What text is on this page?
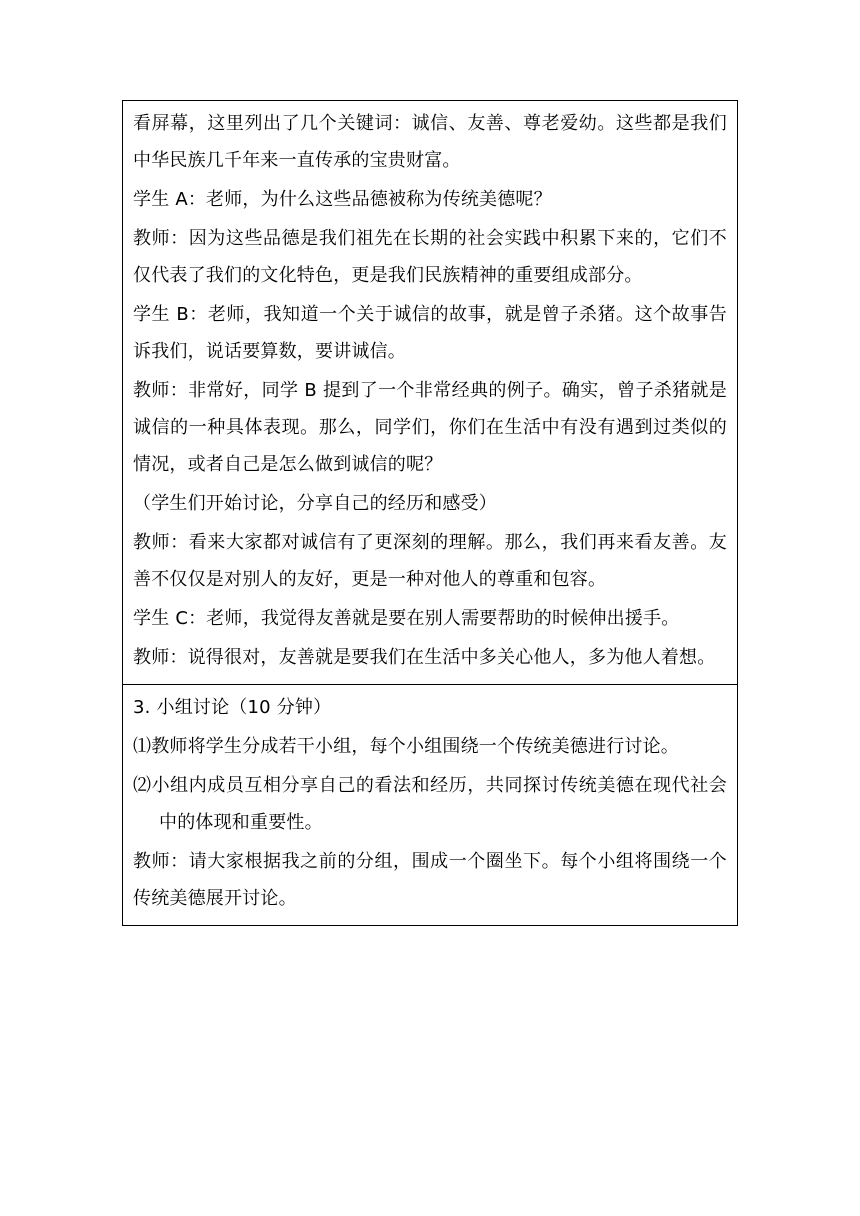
看屏幕，这里列出了几个关键词：诚信、友善、尊老爱幼。这些都是我们中华民族几千年来一直传承的宝贵财富。

学生 A：老师，为什么这些品德被称为传统美德呢？

教师：因为这些品德是我们祖先在长期的社会实践中积累下来的，它们不仅代表了我们的文化特色，更是我们民族精神的重要组成部分。

学生 B：老师，我知道一个关于诚信的故事，就是曾子杀猪。这个故事告诉我们，说话要算数，要讲诚信。

教师：非常好，同学 B 提到了一个非常经典的例子。确实，曾子杀猪就是诚信的一种具体表现。那么，同学们，你们在生活中有没有遇到过类似的情况，或者自己是怎么做到诚信的呢？

（学生们开始讨论，分享自己的经历和感受）

教师：看来大家都对诚信有了更深刻的理解。那么，我们再来看友善。友善不仅仅是对别人的友好，更是一种对他人的尊重和包容。

学生 C：老师，我觉得友善就是要在别人需要帮助的时候伸出援手。

教师：说得很对，友善就是要我们在生活中多关心他人，多为他人着想。

3. 小组讨论（10 分钟）

⑴教师将学生分成若干小组，每个小组围绕一个传统美德进行讨论。

⑵小组内成员互相分享自己的看法和经历，共同探讨传统美德在现代社会中的体现和重要性。

教师：请大家根据我之前的分组，围成一个圈坐下。每个小组将围绕一个传统美德展开讨论。
